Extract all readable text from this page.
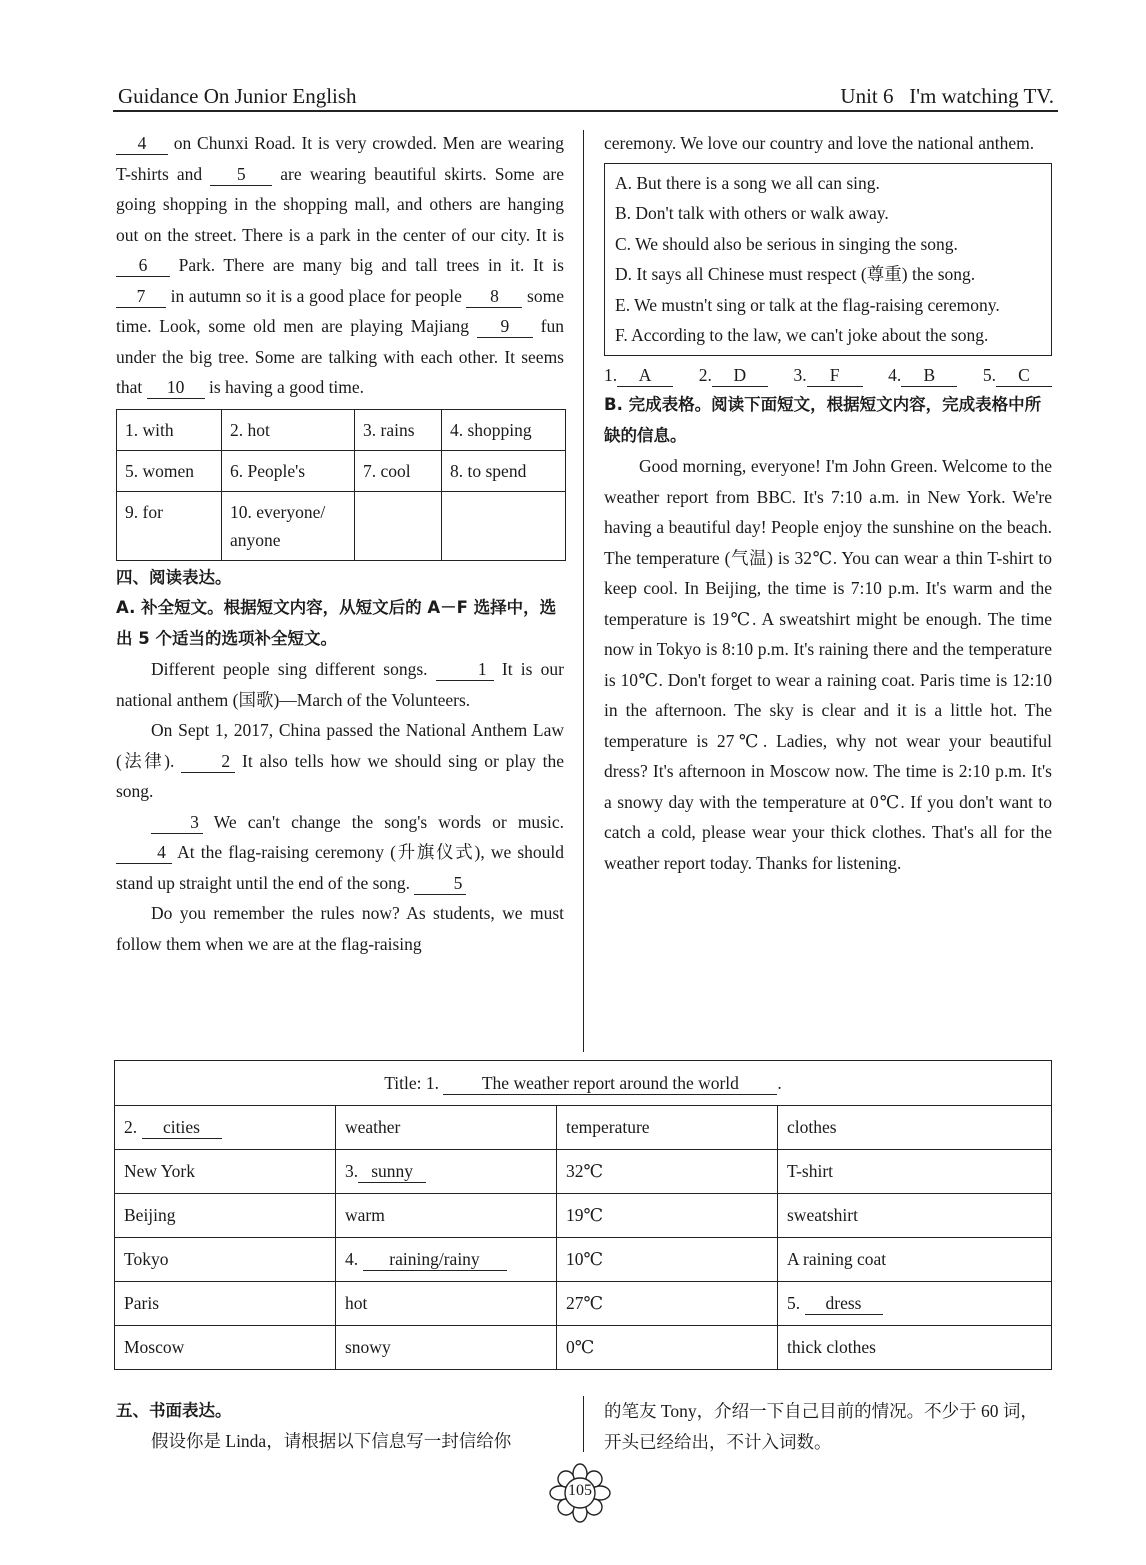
Guidance On Junior English	Unit 6   I'm watching TV.

4 on Chunxi Road. It is very crowded. Men are wearing T-shirts and 5 are wearing beautiful skirts. Some are going shopping in the shopping mall, and others are hanging out on the street. There is a park in the center of our city. It is 6 Park. There are many big and tall trees in it. It is 7 in autumn so it is a good place for people 8 some time. Look, some old men are playing Majiang 9 fun under the big tree. Some are talking with each other. It seems that 10 is having a good time.

1. with	2. hot	3. rains	4. shopping
5. women	6. People's	7. cool	8. to spend
9. for	10. everyone/ anyone		
四、阅读表达。
A. 补全短文。根据短文内容，从短文后的 A－F 选择中，选出 5 个适当的选项补全短文。

Different people sing different songs. 1 It is our national anthem (国歌)—March of the Volunteers.

On Sept 1, 2017, China passed the National Anthem Law (法律). 2 It also tells how we should sing or play the song.

3 We can't change the song's words or music. 4 At the flag-raising ceremony (升旗仪式), we should stand up straight until the end of the song. 5

Do you remember the rules now? As students, we must follow them when we are at the flag-raising

ceremony. We love our country and love the national anthem.

A. But there is a song we all can sing.
B. Don't talk with others or walk away.
C. We should also be serious in singing the song.
D. It says all Chinese must respect (尊重) the song.
E. We mustn't sing or talk at the flag-raising ceremony.
F. According to the law, we can't joke about the song.
1. A	2. D	3. F	4. B	5. C
B. 完成表格。阅读下面短文，根据短文内容，完成表格中所缺的信息。

Good morning, everyone! I'm John Green. Welcome to the weather report from BBC. It's 7:10 a.m. in New York. We're having a beautiful day! People enjoy the sunshine on the beach. The temperature (气温) is 32℃. You can wear a thin T-shirt to keep cool. In Beijing, the time is 7:10 p.m. It's warm and the temperature is 19℃. A sweatshirt might be enough. The time now in Tokyo is 8:10 p.m. It's raining there and the temperature is 10℃. Don't forget to wear a raining coat. Paris time is 12:10 in the afternoon. The sky is clear and it is a little hot. The temperature is 27℃. Ladies, why not wear your beautiful dress? It's afternoon in Moscow now. The time is 2:10 p.m. It's a snowy day with the temperature at 0℃. If you don't want to catch a cold, please wear your thick clothes. That's all for the weather report today. Thanks for listening.

Title: 1. The weather report around the world .			
2. cities	weather	temperature	clothes
New York	3. sunny	32℃	T-shirt
Beijing	warm	19℃	sweatshirt
Tokyo	4. raining/rainy	10℃	A raining coat
Paris	hot	27℃	5. dress
Moscow	snowy	0℃	thick clothes
五、书面表达。
假设你是 Linda，请根据以下信息写一封信给你
的笔友 Tony，介绍一下自己目前的情况。不少于 60 词，开头已经给出，不计入词数。
105
